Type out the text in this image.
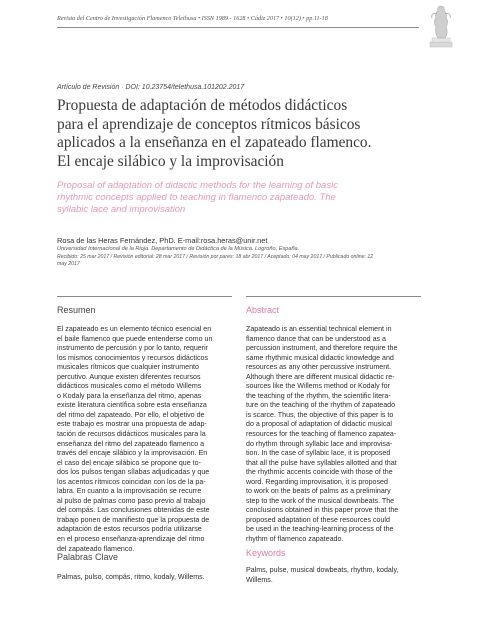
Revista del Centro de Investigación Flamenco Telethusa • ISSN 1989 - 1628 • Cádiz 2017 • 10(12) • pp.11-18
Artículo de Revisión · DOI: 10.23754/telethusa.101202.2017
Propuesta de adaptación de métodos didácticos
para el aprendizaje de conceptos rítmicos básicos
aplicados a la enseñanza en el zapateado flamenco.
El encaje silábico y la improvisación
Proposal of adaptation of didactic methods for the learning of basic
rhythmic concepts applied to teaching in flamenco zapateado. The
syllabic lace and improvisation
Rosa de las Heras Fernández, PhD. E-mail:rosa.heras@unir.net
Universidad Internacional de la Rioja. Departamento de Didáctica de la Música. Logroño, España.
Recibido: 25 mar 2017 / Revisión editorial: 28 mar 2017 / Revisión por pares: 18 abr 2017 / Aceptado: 04 may 2017 / Publicado online: 12
may 2017
Resumen	Abstract
El zapateado es un elemento técnico esencial en
el baile flamenco que puede entenderse como un
instrumento de percusión y por lo tanto, requerir
los mismos conocimientos y recursos didácticos
musicales rítmicos que cualquier instrumento
percutivo. Aunque existen diferentes recursos
didácticos musicales como el método Willems
o Kodaly para la enseñanza del ritmo, apenas
existe literatura científica sobre esta enseñanza
del ritmo del zapateado. Por ello, el objetivo de
este trabajo es mostrar una propuesta de adap-
tación de recursos didácticos musicales para la
enseñanza del ritmo del zapateado flamenco a
través del encaje silábico y la improvisación. En
el caso del encaje silábico se propone que to-
dos los pulsos tengan sílabas adjudicadas y que
los acentos rítmicos coincidan con los de la pa-
labra. En cuanto a la improvisación se recurre
al pulso de palmas como paso previo al trabajo
del compás. Las conclusiones obtenidas de este
trabajo ponen de manifiesto que la propuesta de
adaptación de estos recursos podría utilizarse
en el proceso enseñanza-aprendizaje del ritmo
del zapateado flamenco.
Zapateado is an essential technical element in
flamenco dance that can be understood as a
percussion instrument, and therefore require the
same rhythmic musical didactic knowledge and
resources as any other percussive instrument.
Although there are different musical didactic re-
sources like the Willems method or Kodaly for
the teaching of the rhythm, the scientific litera-
ture on the teaching of the rhythm of zapateado
is scarce. Thus, the objective of this paper is to
do a proposal of adaptation of didactic musical
resources for the teaching of flamenco zapatea-
do rhythm through syllabic lace and improvisa-
tion. In the case of syllabic lace, it is proposed
that all the pulse have syllables allotted and that
the rhythmic accents coincide with those of the
word. Regarding improvisation, it is proposed
to work on the beats of palms as a preliminary
step to the work of the musical downbeats. The
conclusions obtained in this paper prove that the
proposed adaptation of these resources could
be used in the teaching-learning process of the
rhythm of flamenco zapateado.
Palabras Clave
Palmas, pulso, compás, ritmo, kodaly, Willems.
Keywords
Palms, pulse, musical dowbeats, rhythm, kodaly,
Willems.
